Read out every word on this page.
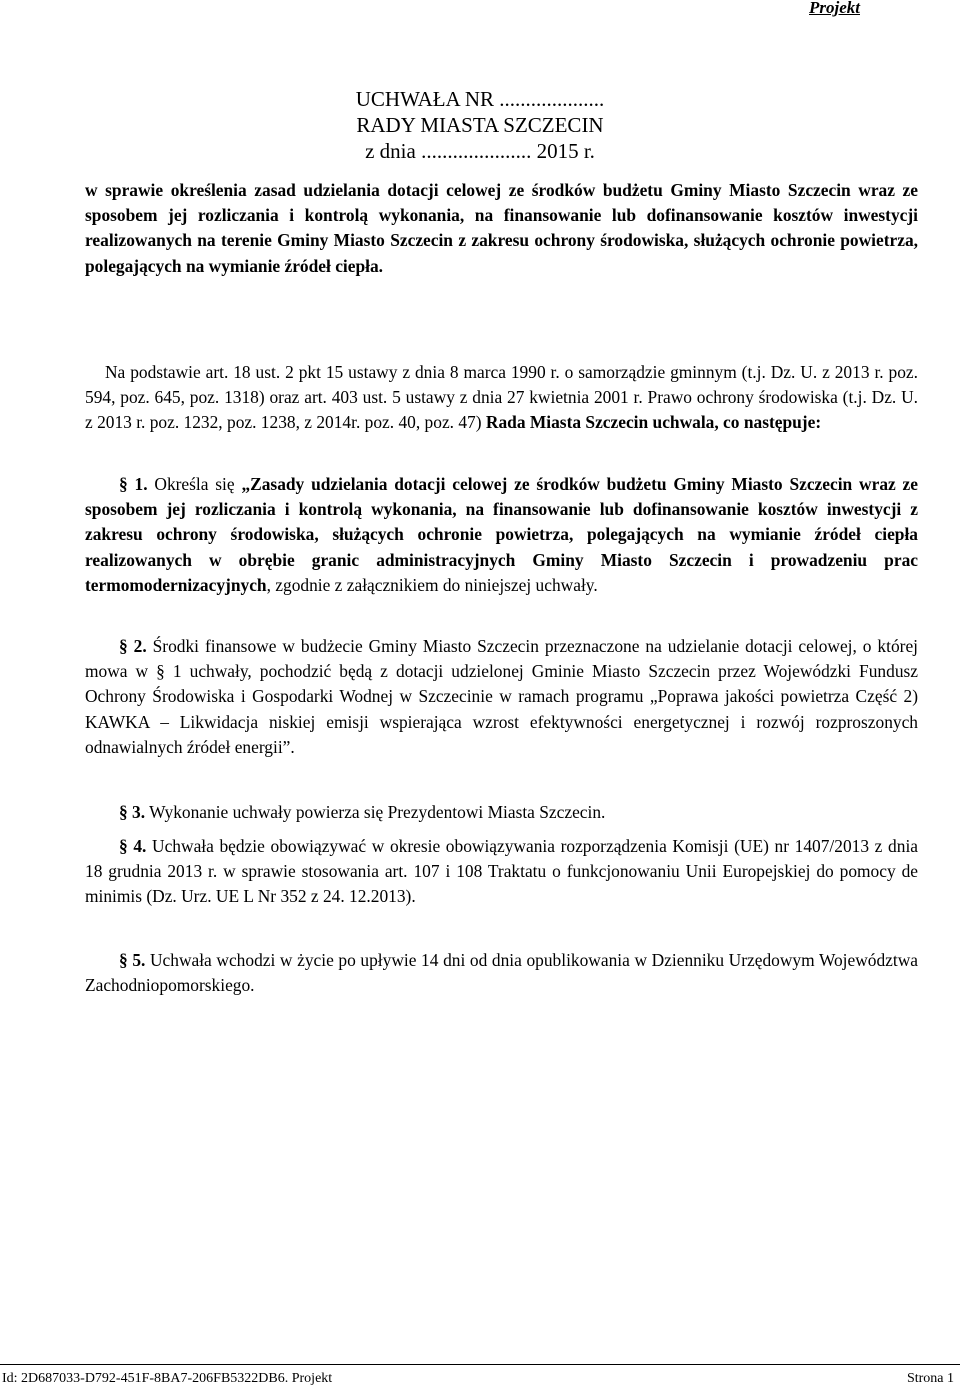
Projekt
UCHWAŁA NR ....................
RADY MIASTA SZCZECIN
z dnia ..................... 2015 r.
w sprawie określenia zasad udzielania dotacji celowej ze środków budżetu Gminy Miasto Szczecin wraz ze sposobem jej rozliczania i kontrolą wykonania, na finansowanie lub dofinansowanie kosztów inwestycji realizowanych na terenie Gminy Miasto Szczecin z zakresu ochrony środowiska, służących ochronie powietrza, polegających na wymianie źródeł ciepła.
Na podstawie art. 18 ust. 2 pkt 15 ustawy z dnia 8 marca 1990 r. o samorządzie gminnym (t.j. Dz. U. z 2013 r. poz. 594, poz. 645, poz. 1318) oraz art. 403 ust. 5 ustawy z dnia 27 kwietnia 2001 r. Prawo ochrony środowiska (t.j. Dz. U. z 2013 r. poz. 1232, poz. 1238, z 2014r. poz. 40, poz. 47) Rada Miasta Szczecin uchwala, co następuje:
§ 1. Określa się „Zasady udzielania dotacji celowej ze środków budżetu Gminy Miasto Szczecin wraz ze sposobem jej rozliczania i kontrolą wykonania, na finansowanie lub dofinansowanie kosztów inwestycji z zakresu ochrony środowiska, służących ochronie powietrza, polegających na wymianie źródeł ciepła realizowanych w obrębie granic administracyjnych Gminy Miasto Szczecin i prowadzeniu prac termomodernizacyjnych, zgodnie z załącznikiem do niniejszej uchwały.
§ 2. Środki finansowe w budżecie Gminy Miasto Szczecin przeznaczone na udzielanie dotacji celowej, o której mowa w § 1 uchwały, pochodzić będą z dotacji udzielonej Gminie Miasto Szczecin przez Wojewódzki Fundusz Ochrony Środowiska i Gospodarki Wodnej w Szczecinie w ramach programu „Poprawa jakości powietrza Część 2) KAWKA – Likwidacja niskiej emisji wspierająca wzrost efektywności energetycznej i rozwój rozproszonych odnawialnych źródeł energii”.
§ 3. Wykonanie uchwały powierza się Prezydentowi Miasta Szczecin.
§ 4. Uchwała będzie obowiązywać w okresie obowiązywania rozporządzenia Komisji (UE) nr 1407/2013 z dnia 18 grudnia 2013 r. w sprawie stosowania art. 107 i 108 Traktatu o funkcjonowaniu Unii Europejskiej do pomocy de minimis (Dz. Urz. UE L Nr 352 z 24. 12.2013).
§ 5. Uchwała wchodzi w życie po upływie 14 dni od dnia opublikowania w Dzienniku Urzędowym Województwa Zachodniopomorskiego.
Id: 2D687033-D792-451F-8BA7-206FB5322DB6. Projekt	Strona 1
